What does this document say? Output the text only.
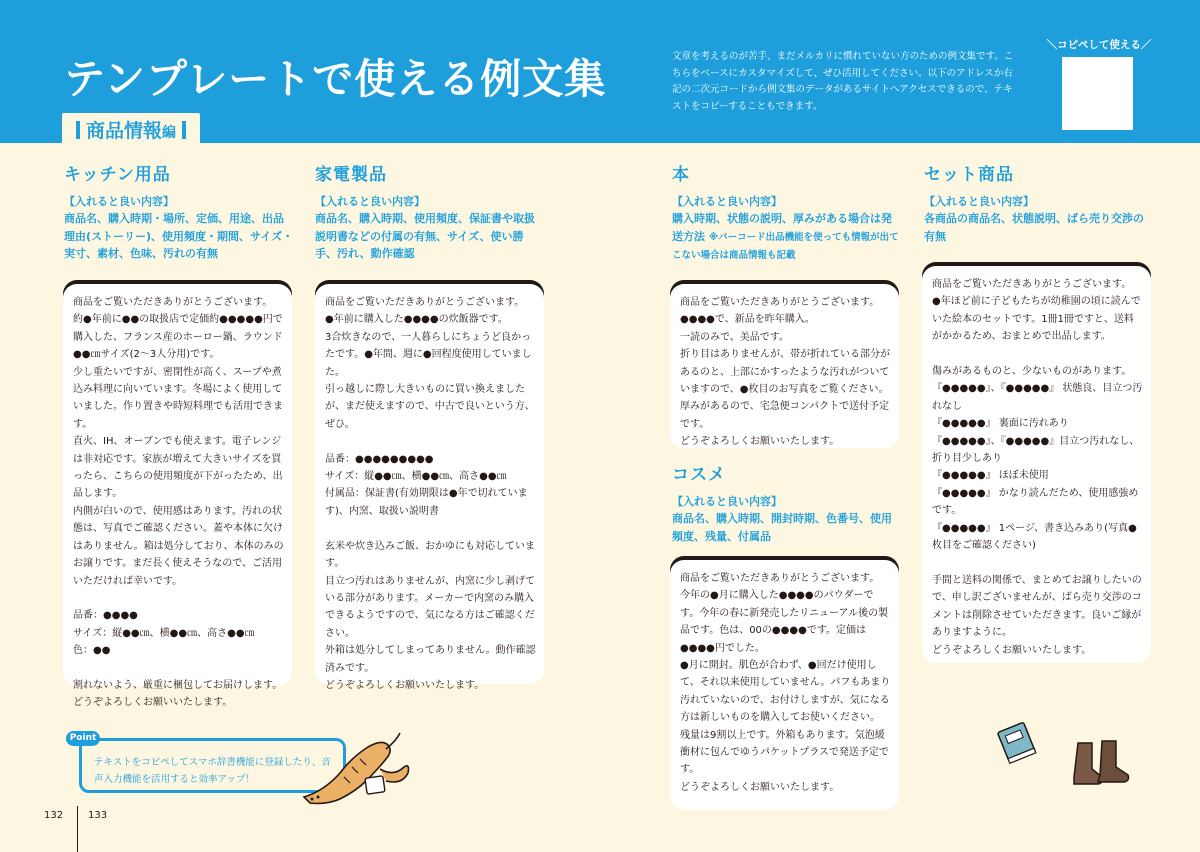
テンプレートで使える例文集	文章を考えるのが苦手、まだメルカリに慣れていない方のための例文集です。こちらをベースにカスタマイズして、ぜひ活用してください。以下のアドレスか右記の二次元コードから例文集のデータがあるサイトへアクセスできるので、テキストをコピーすることもできます。
＼コピペして使える／
商品情報編
キッチン用品
【入れると良い内容】
商品名、購入時期・場所、定価、用途、出品理由(ストーリー)、使用頻度・期間、サイズ・実寸、素材、色味、汚れの有無

商品をご覧いただきありがとうございます。
約●年前に●●の取扱店で定価約●●●●●円で購入した、フランス産のホーロー鍋、ラウンド●●㎝サイズ(2～3人分用)です。
少し重たいですが、密閉性が高く、スープや煮込み料理に向いています。冬場によく使用していました。作り置きや時短料理でも活用できます。
直火、IH、オーブンでも使えます。電子レンジは非対応です。家族が増えて大きいサイズを買ったら、こちらの使用頻度が下がったため、出品します。
内側が白いので、使用感はあります。汚れの状態は、写真でご確認ください。蓋や本体に欠けはありません。箱は処分しており、本体のみのお譲りです。まだ長く使えそうなので、ご活用いただければ幸いです。

品番：●●●●
サイズ：縦●●㎝、横●●㎝、高さ●●㎝
色：●●

割れないよう、厳重に梱包してお届けします。どうぞよろしくお願いいたします。

家電製品
【入れると良い内容】
商品名、購入時期、使用頻度、保証書や取扱説明書などの付属の有無、サイズ、使い勝手、汚れ、動作確認

商品をご覧いただきありがとうございます。
●年前に購入した●●●●の炊飯器です。
3合炊きなので、一人暮らしにちょうど良かったです。●年間、週に●回程度使用していました。
引っ越しに際し大きいものに買い換えましたが、まだ使えますので、中古で良いという方、ぜひ。

品番：●●●●●●●●●
サイズ：縦●●㎝、横●●㎝、高さ●●㎝
付属品：保証書(有効期限は●年で切れています)、内窯、取扱い説明書

玄米や炊き込みご飯、おかゆにも対応しています。
目立つ汚れはありませんが、内窯に少し剥げている部分があります。メーカーで内窯のみ購入できるようですので、気になる方はご確認ください。
外箱は処分してしまってありません。動作確認済みです。
どうぞよろしくお願いいたします。

本
【入れると良い内容】
購入時期、状態の説明、厚みがある場合は発送方法 ※バーコード出品機能を使っても情報が出てこない場合は商品情報も記載

商品をご覧いただきありがとうございます。
●●●●で、新品を昨年購入。
一読のみで、美品です。
折り目はありませんが、帯が折れている部分があるのと、上部にかすったような汚れがついていますので、●枚目のお写真をご覧ください。厚みがあるので、宅急便コンパクトで送付予定です。
どうぞよろしくお願いいたします。

コスメ
【入れると良い内容】
商品名、購入時期、開封時期、色番号、使用頻度、残量、付属品

商品をご覧いただきありがとうございます。
今年の●月に購入した●●●●のパウダーです。今年の春に新発売したリニューアル後の製品です。色は、00の●●●●です。定価は●●●●円でした。
●月に開封。肌色が合わず、●回だけ使用して、それ以来使用していません。パフもあまり汚れていないので、お付けしますが、気になる方は新しいものを購入してお使いください。
残量は9割以上です。外箱もあります。気泡緩衝材に包んでゆうパケットプラスで発送予定です。
どうぞよろしくお願いいたします。

セット商品
【入れると良い内容】
各商品の商品名、状態説明、ばら売り交渉の有無

商品をご覧いただきありがとうございます。
●年ほど前に子どもたちが幼稚園の頃に読んでいた絵本のセットです。1冊1冊ですと、送料がかかるため、おまとめで出品します。

傷みがあるものと、少ないものがあります。
『●●●●●』、『●●●●●』 状態良、目立つ汚れなし
『●●●●●』 裏面に汚れあり
『●●●●●』、『●●●●●』目立つ汚れなし、折り目少しあり
『●●●●●』 ほぼ未使用
『●●●●●』 かなり読んだため、使用感強めです。
『●●●●●』 1ページ、書き込みあり(写真●枚目をご確認ください)

手間と送料の関係で、まとめてお譲りしたいので、申し訳ございませんが、ばら売り交渉のコメントは削除させていただきます。良いご縁がありますように。
どうぞよろしくお願いいたします。

テキストをコピペしてスマホ辞書機能に登録したり、音声入力機能を活用すると効率アップ！
Point
132 133
